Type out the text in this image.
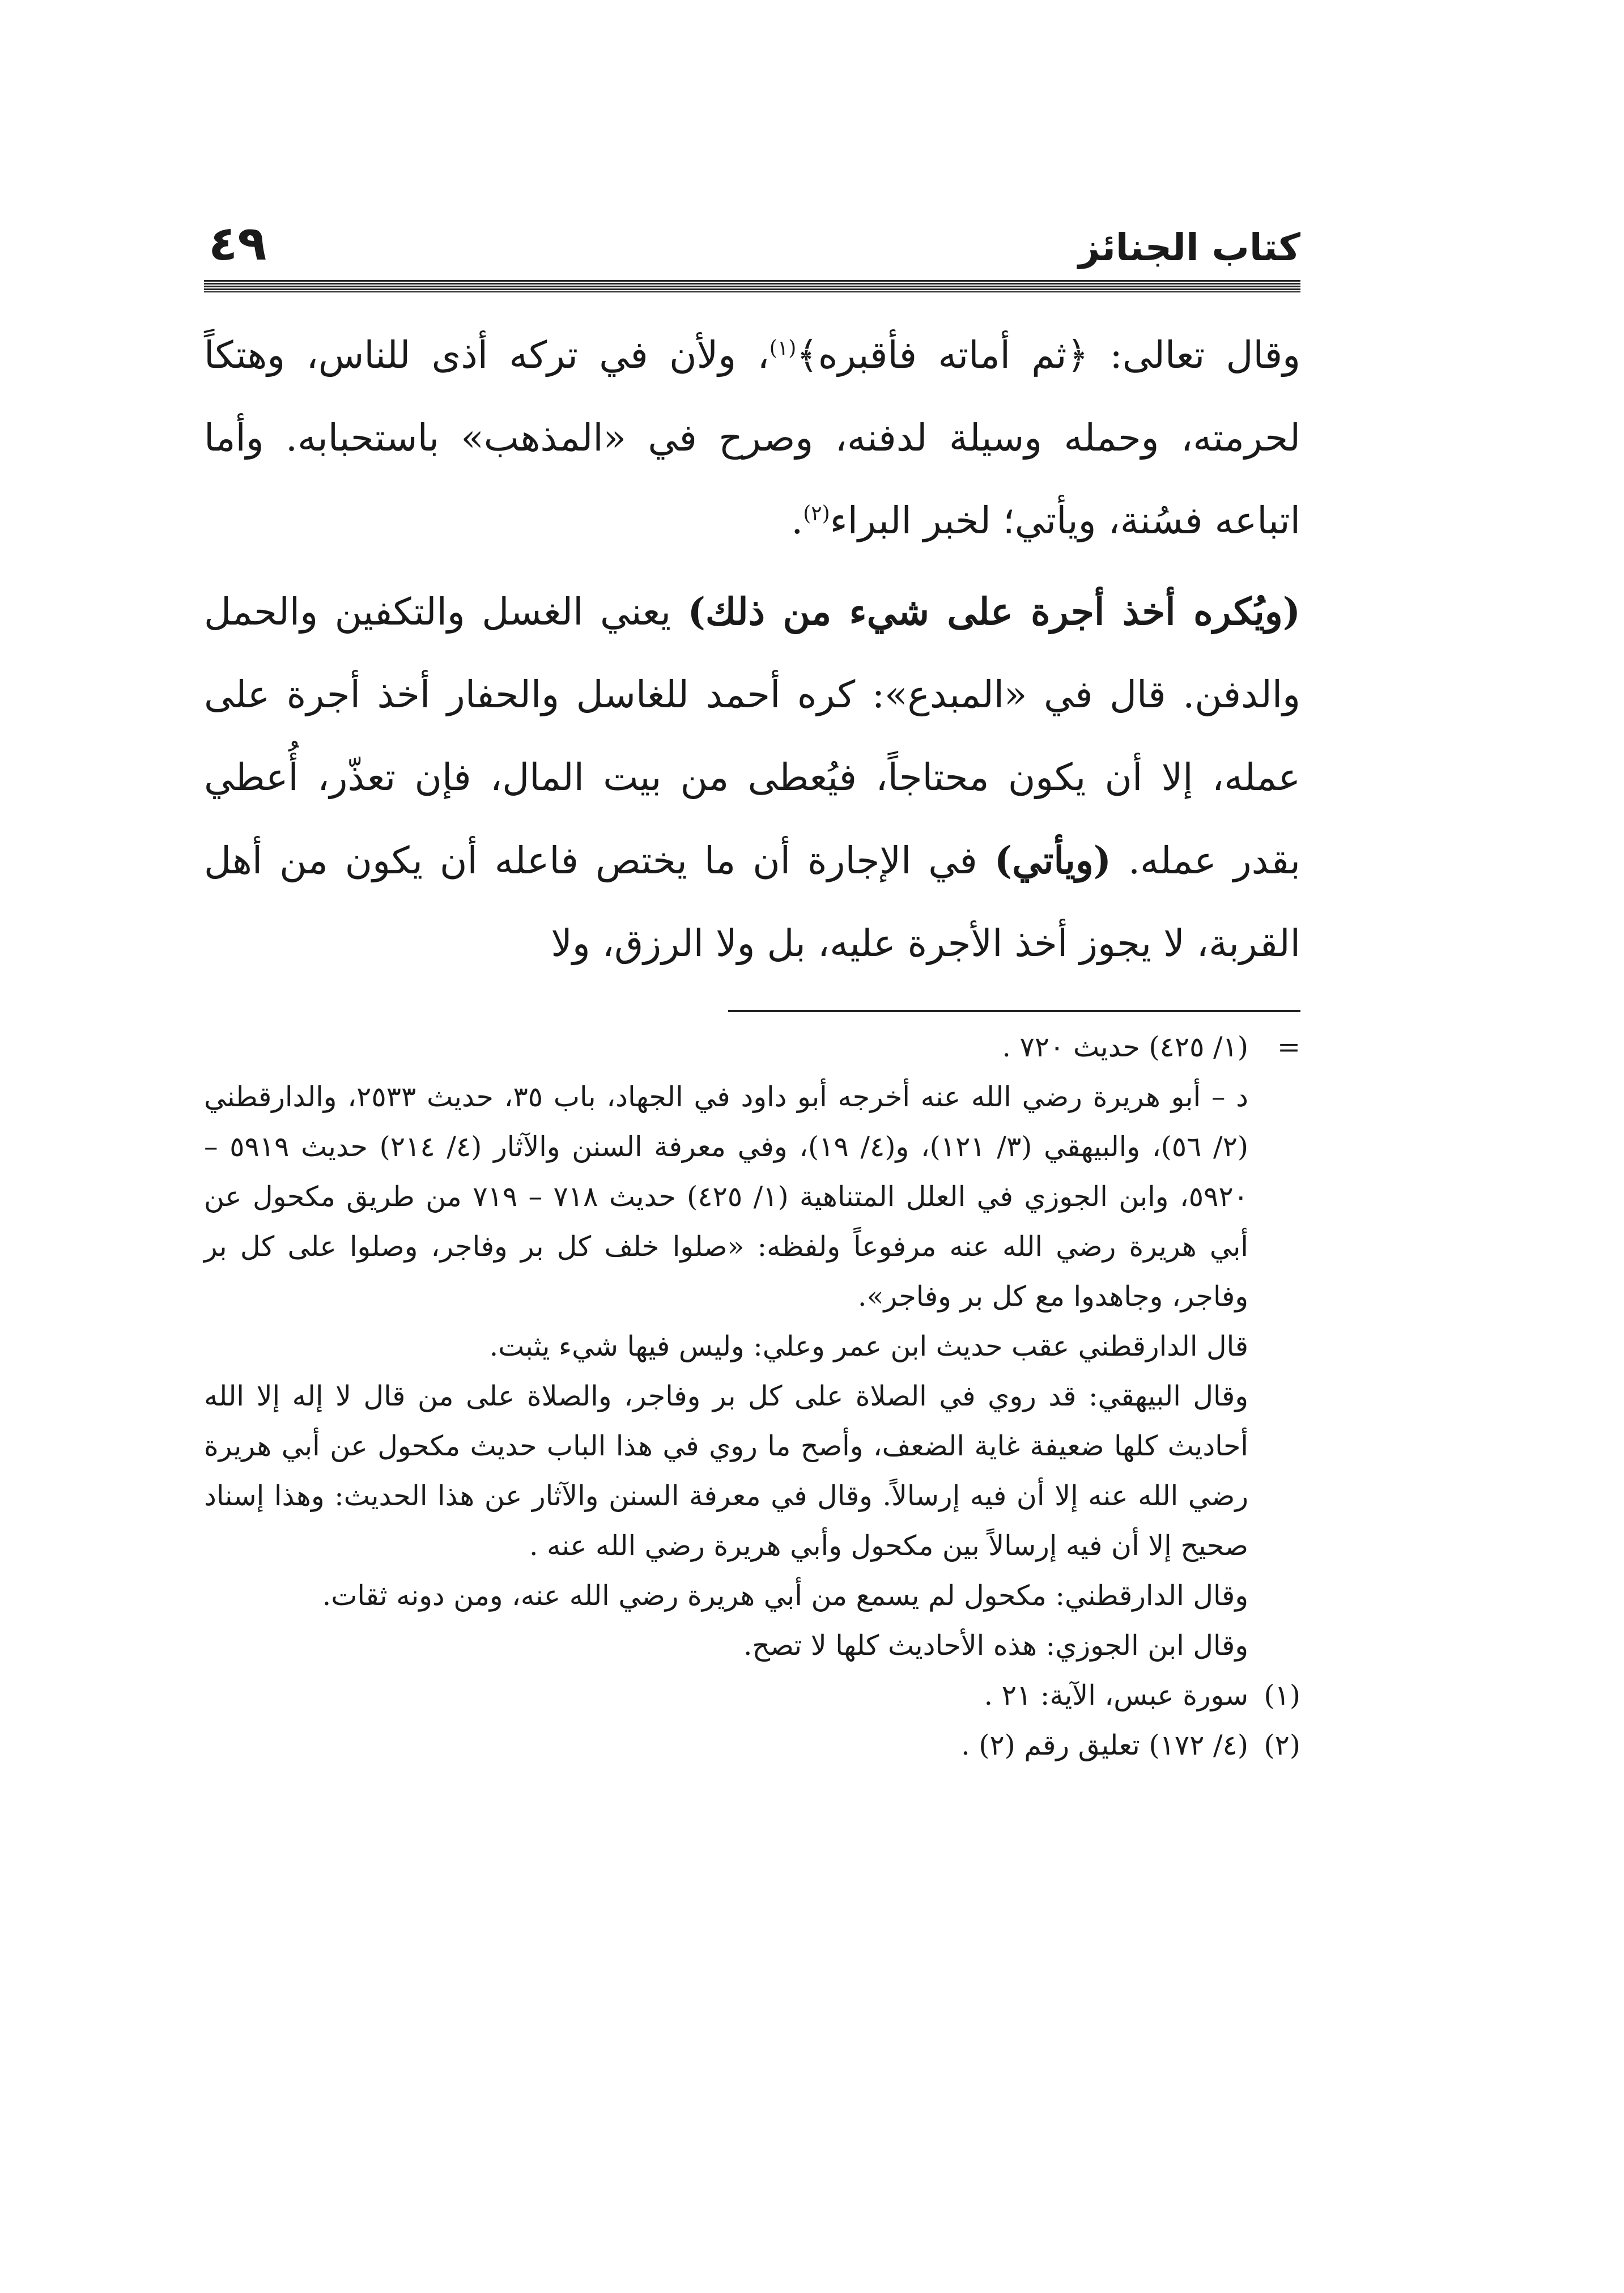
كتاب الجنائز
٤٩

وقال تعالى: ﴿ثم أماته فأقبره﴾$^{(١)}$، ولأن في تركه أذى للناس، وهتكاً لحرمته، وحمله وسيلة لدفنه، وصرح في «المذهب» باستحبابه. وأما اتباعه فسُنة، ويأتي؛ لخبر البراء$^{(٢)}$.

(ويُكره أخذ أجرة على شيء من ذلك) يعني الغسل والتكفين والحمل والدفن. قال في «المبدع»: كره أحمد للغاسل والحفار أخذ أجرة على عمله، إلا أن يكون محتاجاً، فيُعطى من بيت المال، فإن تعذّر، أُعطي بقدر عمله. (ويأتي) في الإجارة أن ما يختص فاعله أن يكون من أهل القربة، لا يجوز أخذ الأجرة عليه، بل ولا الرزق، ولا

=
(١/ ٤٢٥) حديث ٧٢٠ .

د – أبو هريرة رضي الله عنه أخرجه أبو داود في الجهاد، باب ٣٥، حديث ٢٥٣٣، والدارقطني (٢/ ٥٦)، والبيهقي (٣/ ١٢١)، و(٤/ ١٩)، وفي معرفة السنن والآثار (٤/ ٢١٤) حديث ٥٩١٩ – ٥٩٢٠، وابن الجوزي في العلل المتناهية (١/ ٤٢٥) حديث ٧١٨ – ٧١٩ من طريق مكحول عن أبي هريرة رضي الله عنه مرفوعاً ولفظه: «صلوا خلف كل بر وفاجر، وصلوا على كل بر وفاجر، وجاهدوا مع كل بر وفاجر».

قال الدارقطني عقب حديث ابن عمر وعلي: وليس فيها شيء يثبت.

وقال البيهقي: قد روي في الصلاة على كل بر وفاجر، والصلاة على من قال لا إله إلا الله أحاديث كلها ضعيفة غاية الضعف، وأصح ما روي في هذا الباب حديث مكحول عن أبي هريرة رضي الله عنه إلا أن فيه إرسالاً. وقال في معرفة السنن والآثار عن هذا الحديث: وهذا إسناد صحيح إلا أن فيه إرسالاً بين مكحول وأبي هريرة رضي الله عنه .

وقال الدارقطني: مكحول لم يسمع من أبي هريرة رضي الله عنه، ومن دونه ثقات.

وقال ابن الجوزي: هذه الأحاديث كلها لا تصح.

(١)
سورة عبس، الآية: ٢١ .
(٢)
(٤/ ١٧٢) تعليق رقم (٢) .
